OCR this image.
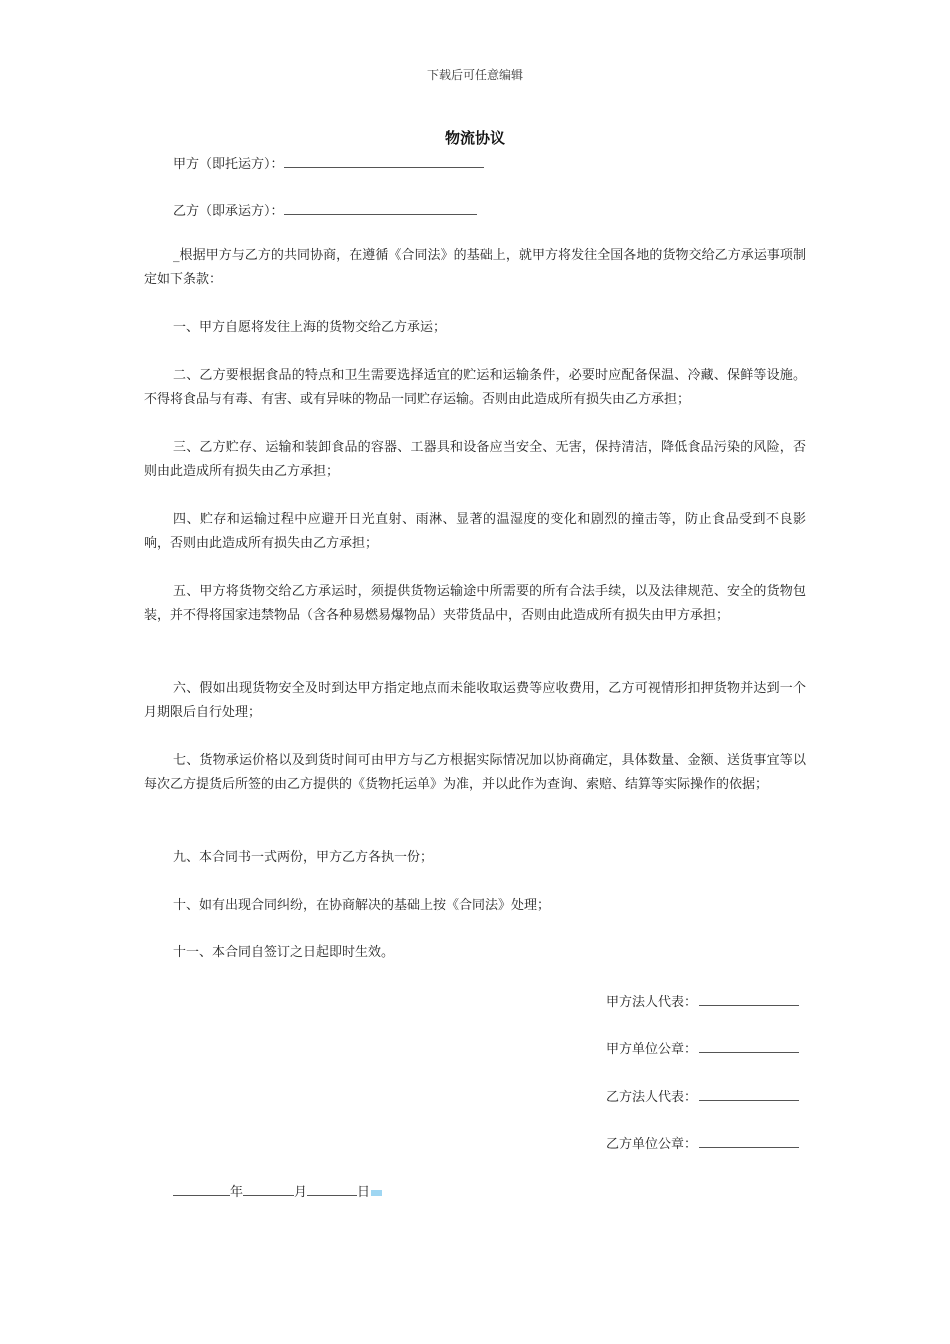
下载后可任意编辑
物流协议
甲方（即托运方）：
乙方（即承运方）：
_根据甲方与乙方的共同协商，在遵循《合同法》的基础上，就甲方将发往全国各地的货物交给乙方承运事项制定如下条款：
一、甲方自愿将发往上海的货物交给乙方承运；
二、乙方要根据食品的特点和卫生需要选择适宜的贮运和运输条件，必要时应配备保温、冷藏、保鲜等设施。不得将食品与有毒、有害、或有异味的物品一同贮存运输。否则由此造成所有损失由乙方承担；
三、乙方贮存、运输和装卸食品的容器、工器具和设备应当安全、无害，保持清洁，降低食品污染的风险，否则由此造成所有损失由乙方承担；
四、贮存和运输过程中应避开日光直射、雨淋、显著的温湿度的变化和剧烈的撞击等，防止食品受到不良影响，否则由此造成所有损失由乙方承担；
五、甲方将货物交给乙方承运时，须提供货物运输途中所需要的所有合法手续，以及法律规范、安全的货物包装，并不得将国家违禁物品（含各种易燃易爆物品）夹带货品中，否则由此造成所有损失由甲方承担；
六、假如出现货物安全及时到达甲方指定地点而未能收取运费等应收费用，乙方可视情形扣押货物并达到一个月期限后自行处理；
七、货物承运价格以及到货时间可由甲方与乙方根据实际情况加以协商确定，具体数量、金额、送货事宜等以每次乙方提货后所签的由乙方提供的《货物托运单》为准，并以此作为查询、索赔、结算等实际操作的依据；
九、本合同书一式两份，甲方乙方各执一份；
十、如有出现合同纠纷，在协商解决的基础上按《合同法》处理；
十一、本合同自签订之日起即时生效。
甲方法人代表：
甲方单位公章：
乙方法人代表：
乙方单位公章：
年	月	日
